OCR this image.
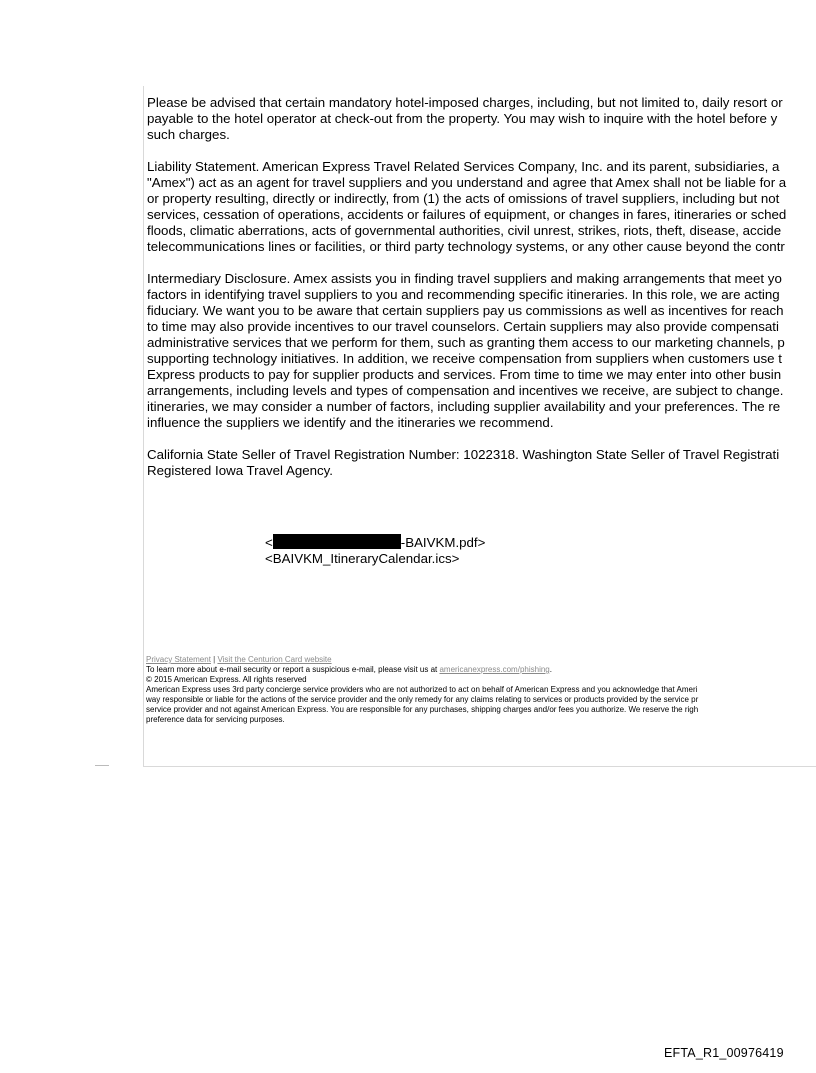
Please be advised that certain mandatory hotel-imposed charges, including, but not limited to, daily resort or
payable to the hotel operator at check-out from the property. You may wish to inquire with the hotel before y
such charges.

Liability Statement. American Express Travel Related Services Company, Inc. and its parent, subsidiaries, a
"Amex") act as an agent for travel suppliers and you understand and agree that Amex shall not be liable for a
or property resulting, directly or indirectly, from (1) the acts of omissions of travel suppliers, including but not
services, cessation of operations, accidents or failures of equipment, or changes in fares, itineraries or sched
floods, climatic aberrations, acts of governmental authorities, civil unrest, strikes, riots, theft, disease, accide
telecommunications lines or facilities, or third party technology systems, or any other cause beyond the contr

Intermediary Disclosure. Amex assists you in finding travel suppliers and making arrangements that meet yo
factors in identifying travel suppliers to you and recommending specific itineraries. In this role, we are acting
fiduciary. We want you to be aware that certain suppliers pay us commissions as well as incentives for reach
to time may also provide incentives to our travel counselors. Certain suppliers may also provide compensati
administrative services that we perform for them, such as granting them access to our marketing channels, p
supporting technology initiatives. In addition, we receive compensation from suppliers when customers use t
Express products to pay for supplier products and services. From time to time we may enter into other busin
arrangements, including levels and types of compensation and incentives we receive, are subject to change.
itineraries, we may consider a number of factors, including supplier availability and your preferences. The re
influence the suppliers we identify and the itineraries we recommend.

California State Seller of Travel Registration Number: 1022318. Washington State Seller of Travel Registrati
Registered Iowa Travel Agency.

<	-BAIVKM.pdf>
<BAIVKM_ItineraryCalendar.ics>
Privacy Statement | Visit the Centurion Card website
To learn more about e-mail security or report a suspicious e-mail, please visit us at americanexpress.com/phishing.
© 2015 American Express. All rights reserved
American Express uses 3rd party concierge service providers who are not authorized to act on behalf of American Express and you acknowledge that Ameri
way responsible or liable for the actions of the service provider and the only remedy for any claims relating to services or products provided by the service pr
service provider and not against American Express. You are responsible for any purchases, shipping charges and/or fees you authorize. We reserve the righ
preference data for servicing purposes.
EFTA_R1_00976419
